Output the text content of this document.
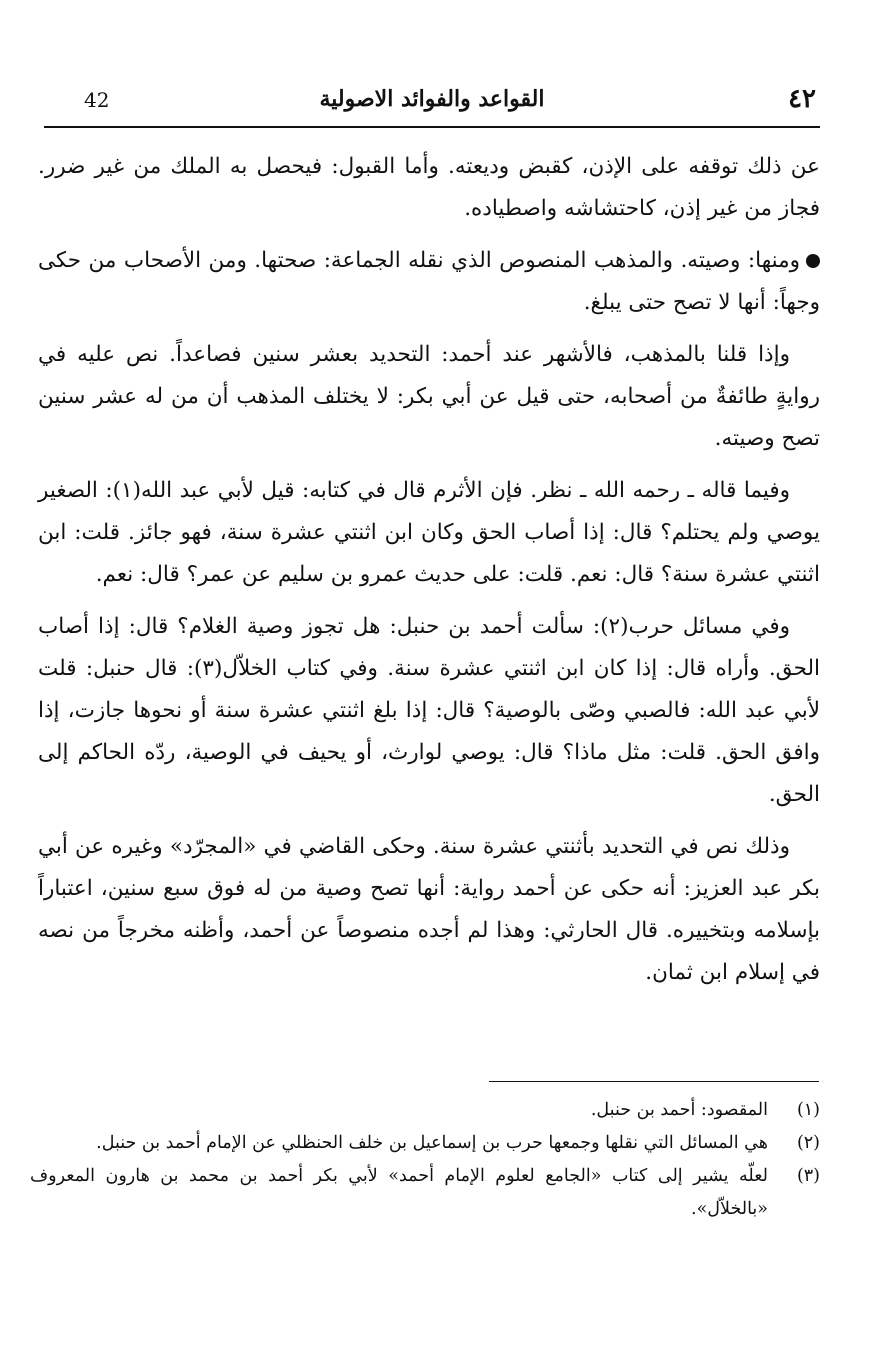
٤٢
القواعد والفوائد الاصولية
42

عن ذلك توقفه على الإذن، كقبض وديعته. وأما القبول: فيحصل به الملك من غير ضرر. فجاز من غير إذن، كاحتشاشه واصطياده.

ومنها: وصيته. والمذهب المنصوص الذي نقله الجماعة: صحتها. ومن الأصحاب من حكى وجهاً: أنها لا تصح حتى يبلغ.

وإذا قلنا بالمذهب، فالأشهر عند أحمد: التحديد بعشر سنين فصاعداً. نص عليه في روايةٍ طائفةٌ من أصحابه، حتى قيل عن أبي بكر: لا يختلف المذهب أن من له عشر سنين تصح وصيته.

وفيما قاله ـ رحمه الله ـ نظر. فإن الأثرم قال في كتابه: قيل لأبي عبد الله(١): الصغير يوصي ولم يحتلم؟ قال: إذا أصاب الحق وكان ابن اثنتي عشرة سنة، فهو جائز. قلت: ابن اثنتي عشرة سنة؟ قال: نعم. قلت: على حديث عمرو بن سليم عن عمر؟ قال: نعم.

وفي مسائل حرب(٢): سألت أحمد بن حنبل: هل تجوز وصية الغلام؟ قال: إذا أصاب الحق. وأراه قال: إذا كان ابن اثنتي عشرة سنة. وفي كتاب الخلاّل(٣): قال حنبل: قلت لأبي عبد الله: فالصبي وصّى بالوصية؟ قال: إذا بلغ اثنتي عشرة سنة أو نحوها جازت، إذا وافق الحق. قلت: مثل ماذا؟ قال: يوصي لوارث، أو يحيف في الوصية، ردّه الحاكم إلى الحق.

وذلك نص في التحديد بأثنتي عشرة سنة. وحكى القاضي في «المجرّد» وغيره عن أبي بكر عبد العزيز: أنه حكى عن أحمد رواية: أنها تصح وصية من له فوق سبع سنين، اعتباراً بإسلامه وبتخييره. قال الحارثي: وهذا لم أجده منصوصاً عن أحمد، وأظنه مخرجاً من نصه في إسلام ابن ثمان.

(١)
المقصود: أحمد بن حنبل.
(٢)
هي المسائل التي نقلها وجمعها حرب بن إسماعيل بن خلف الحنظلي عن الإمام أحمد بن حنبل.
(٣)
لعلّه يشير إلى كتاب «الجامع لعلوم الإمام أحمد» لأبي بكر أحمد بن محمد بن هارون المعروف «بالخلاّل».
